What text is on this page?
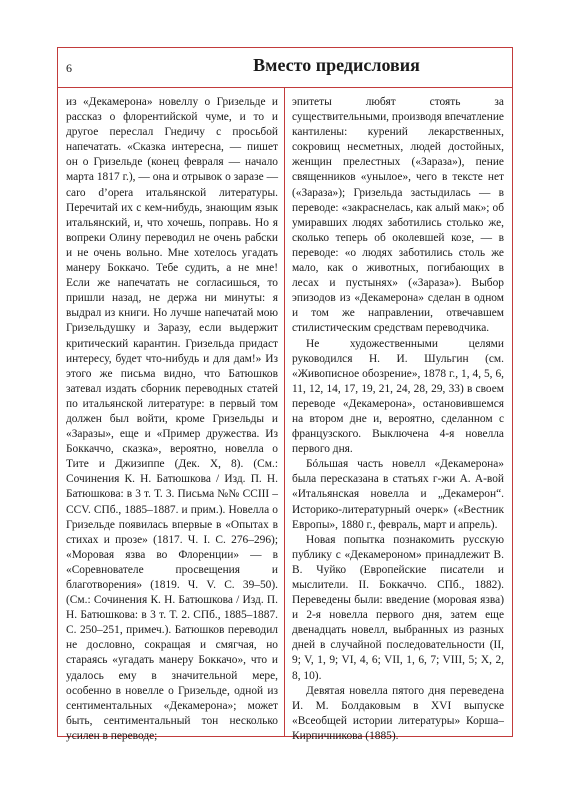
6	Вместо предисловия

из «Декамерона» новеллу о Гризельде и рассказ о флорентийской чуме, и то и другое переслал Гнедичу с просьбой напечатать. «Сказка интересна, — пишет он о Гризельде (конец февраля — начало марта 1817 г.), — она и отрывок о заразе — caro d’opera итальянской литературы. Перечитай их с кем-нибудь, знающим язык итальянский, и, что хочешь, поправь. Но я вопреки Олину переводил не очень рабски и не очень вольно. Мне хотелось угадать манеру Боккачо. Тебе судить, а не мне! Если же напечатать не согласишься, то пришли назад, не держа ни минуты: я выдрал из книги. Но лучше напечатай мою Гризельдушку и Заразу, если выдержит критический карантин. Гризельда придаст интересу, будет что-нибудь и для дам!» Из этого же письма видно, что Батюшков затевал издать сборник переводных статей по итальянской литературе: в первый том должен был войти, кроме Гризельды и «Заразы», еще и «Пример дружества. Из Боккаччо, сказка», вероятно, новелла о Тите и Джизиппе (Дек. X, 8). (См.: Сочинения К. Н. Батюшкова / Изд. П. Н. Батюшкова: в 3 т. Т. 3. Письма №№ CCIII –CCV. СПб., 1885–1887. и прим.). Новелла о Гризельде появилась впервые в «Опытах в стихах и прозе» (1817. Ч. I. С. 276–296); «Моровая язва во Флоренции» — в «Соревнователе просвещения и благотворения» (1819. Ч. V. С. 39–50). (См.: Сочинения К. Н. Батюшкова / Изд. П. Н. Батюшкова: в 3 т. Т. 2. СПб., 1885–1887. С. 250–251, примеч.). Батюшков переводил не дословно, сокращая и смягчая, но стараясь «угадать манеру Боккачо», что и удалось ему в значительной мере, особенно в новелле о Гризельде, одной из сентиментальных «Декамерона»; может быть, сентиментальный тон несколько усилен в переводе;

эпитеты любят стоять за существительными, производя впечатление кантилены: курений лекарственных, сокровищ несметных, людей достойных, женщин прелестных («Зараза»), пение священников «унылое», чего в тексте нет («Зараза»); Гризельда застыдилась — в переводе: «закраснелась, как алый мак»; об умиравших людях заботились столько же, сколько теперь об околевшей козе, — в переводе: «о людях заботились столь же мало, как о животных, погибающих в лесах и пустынях» («Зараза»). Выбор эпизодов из «Декамерона» сделан в одном и том же направлении, отвечавшем стилистическим средствам переводчика.

Не художественными целями руководился Н. И. Шульгин (см. «Живописное обозрение», 1878 г., 1, 4, 5, 6, 11, 12, 14, 17, 19, 21, 24, 28, 29, 33) в своем переводе «Декамерона», остановившемся на втором дне и, вероятно, сделанном с французского. Выключена 4-я новелла первого дня.

Бóльшая часть новелл «Декамерона» была пересказана в статьях г-жи А. А-вой «Итальянская новелла и „Декамерон“. Историко-литературный очерк» («Вестник Европы», 1880 г., февраль, март и апрель).

Новая попытка познакомить русскую публику с «Декамероном» принадлежит В. В. Чуйко (Европейские писатели и мыслители. II. Боккаччо. СПб., 1882). Переведены были: введение (моровая язва) и 2-я новелла первого дня, затем еще двенадцать новелл, выбранных из разных дней в случайной последовательности (II, 9; V, 1, 9; VI, 4, 6; VII, 1, 6, 7; VIII, 5; X, 2, 8, 10).

Девятая новелла пятого дня переведена И. М. Болдаковым в XVI выпуске «Всеобщей истории литературы» Корша–Кирпичникова (1885).
